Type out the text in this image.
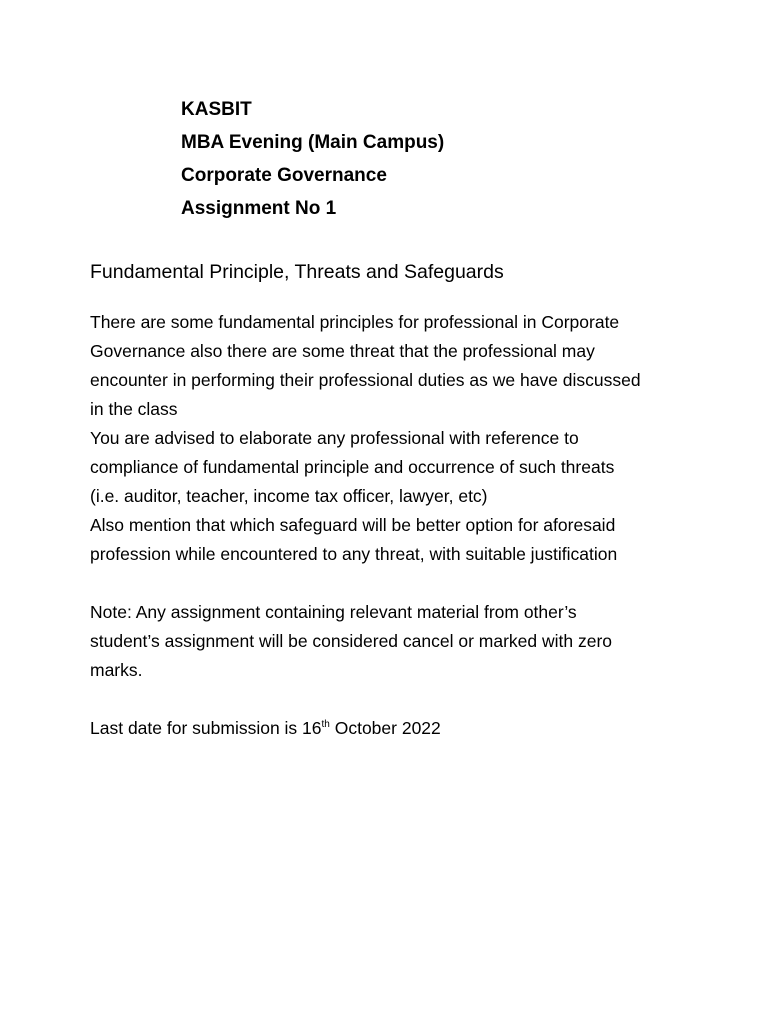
KASBIT
MBA Evening (Main Campus)
Corporate Governance
Assignment No 1
Fundamental Principle, Threats and Safeguards
There are some fundamental principles for professional in Corporate
Governance also there are some threat that the professional may
encounter in performing their professional duties as we have discussed
in the class
You are advised to elaborate any professional with reference to
compliance of fundamental principle and occurrence of such threats
(i.e. auditor, teacher, income tax officer, lawyer, etc)
Also mention that which safeguard will be better option for aforesaid
profession while encountered to any threat, with suitable justification
Note: Any assignment containing relevant material from other’s
student’s assignment will be considered cancel or marked with zero
marks.
Last date for submission is 16th October 2022
